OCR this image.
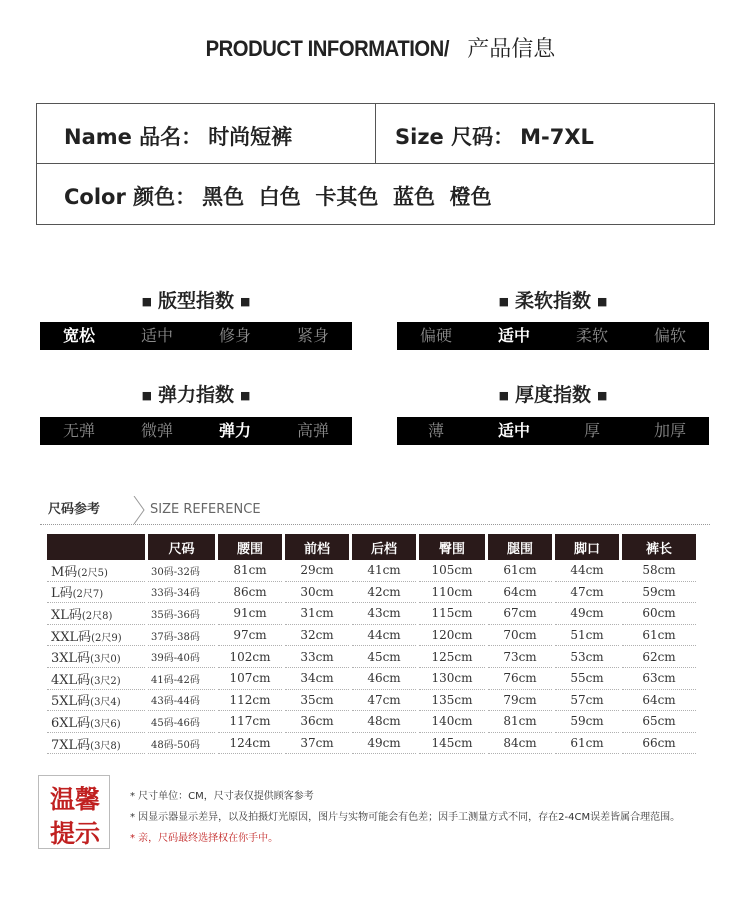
PRODUCT INFORMATION/ 产品信息
Name 品名： 时尚短裤	Size 尺码： M-7XL
Color 颜色： 黑色  白色  卡其色  蓝色  橙色
■ 版型指数 ■
宽松	适中	修身	紧身
■ 柔软指数 ■
偏硬	适中	柔软	偏软
■ 弹力指数 ■
无弹	微弹	弹力	高弹
■ 厚度指数 ■
薄	适中	厚	加厚
尺码参考	SIZE REFERENCE
	尺码	腰围	前档	后档	臀围	腿围	脚口	裤长
M码(2尺5)	30码-32码	81cm	29cm	41cm	105cm	61cm	44cm	58cm
L码(2尺7)	33码-34码	86cm	30cm	42cm	110cm	64cm	47cm	59cm
XL码(2尺8)	35码-36码	91cm	31cm	43cm	115cm	67cm	49cm	60cm
XXL码(2尺9)	37码-38码	97cm	32cm	44cm	120cm	70cm	51cm	61cm
3XL码(3尺0)	39码-40码	102cm	33cm	45cm	125cm	73cm	53cm	62cm
4XL码(3尺2)	41码-42码	107cm	34cm	46cm	130cm	76cm	55cm	63cm
5XL码(3尺4)	43码-44码	112cm	35cm	47cm	135cm	79cm	57cm	64cm
6XL码(3尺6)	45码-46码	117cm	36cm	48cm	140cm	81cm	59cm	65cm
7XL码(3尺8)	48码-50码	124cm	37cm	49cm	145cm	84cm	61cm	66cm
温馨
提示
* 尺寸单位：CM，尺寸表仅提供顾客参考
* 因显示器显示差异，以及拍摄灯光原因，图片与实物可能会有色差；因手工测量方式不同，存在2-4CM误差皆属合理范围。
* 亲，尺码最终选择权在你手中。
